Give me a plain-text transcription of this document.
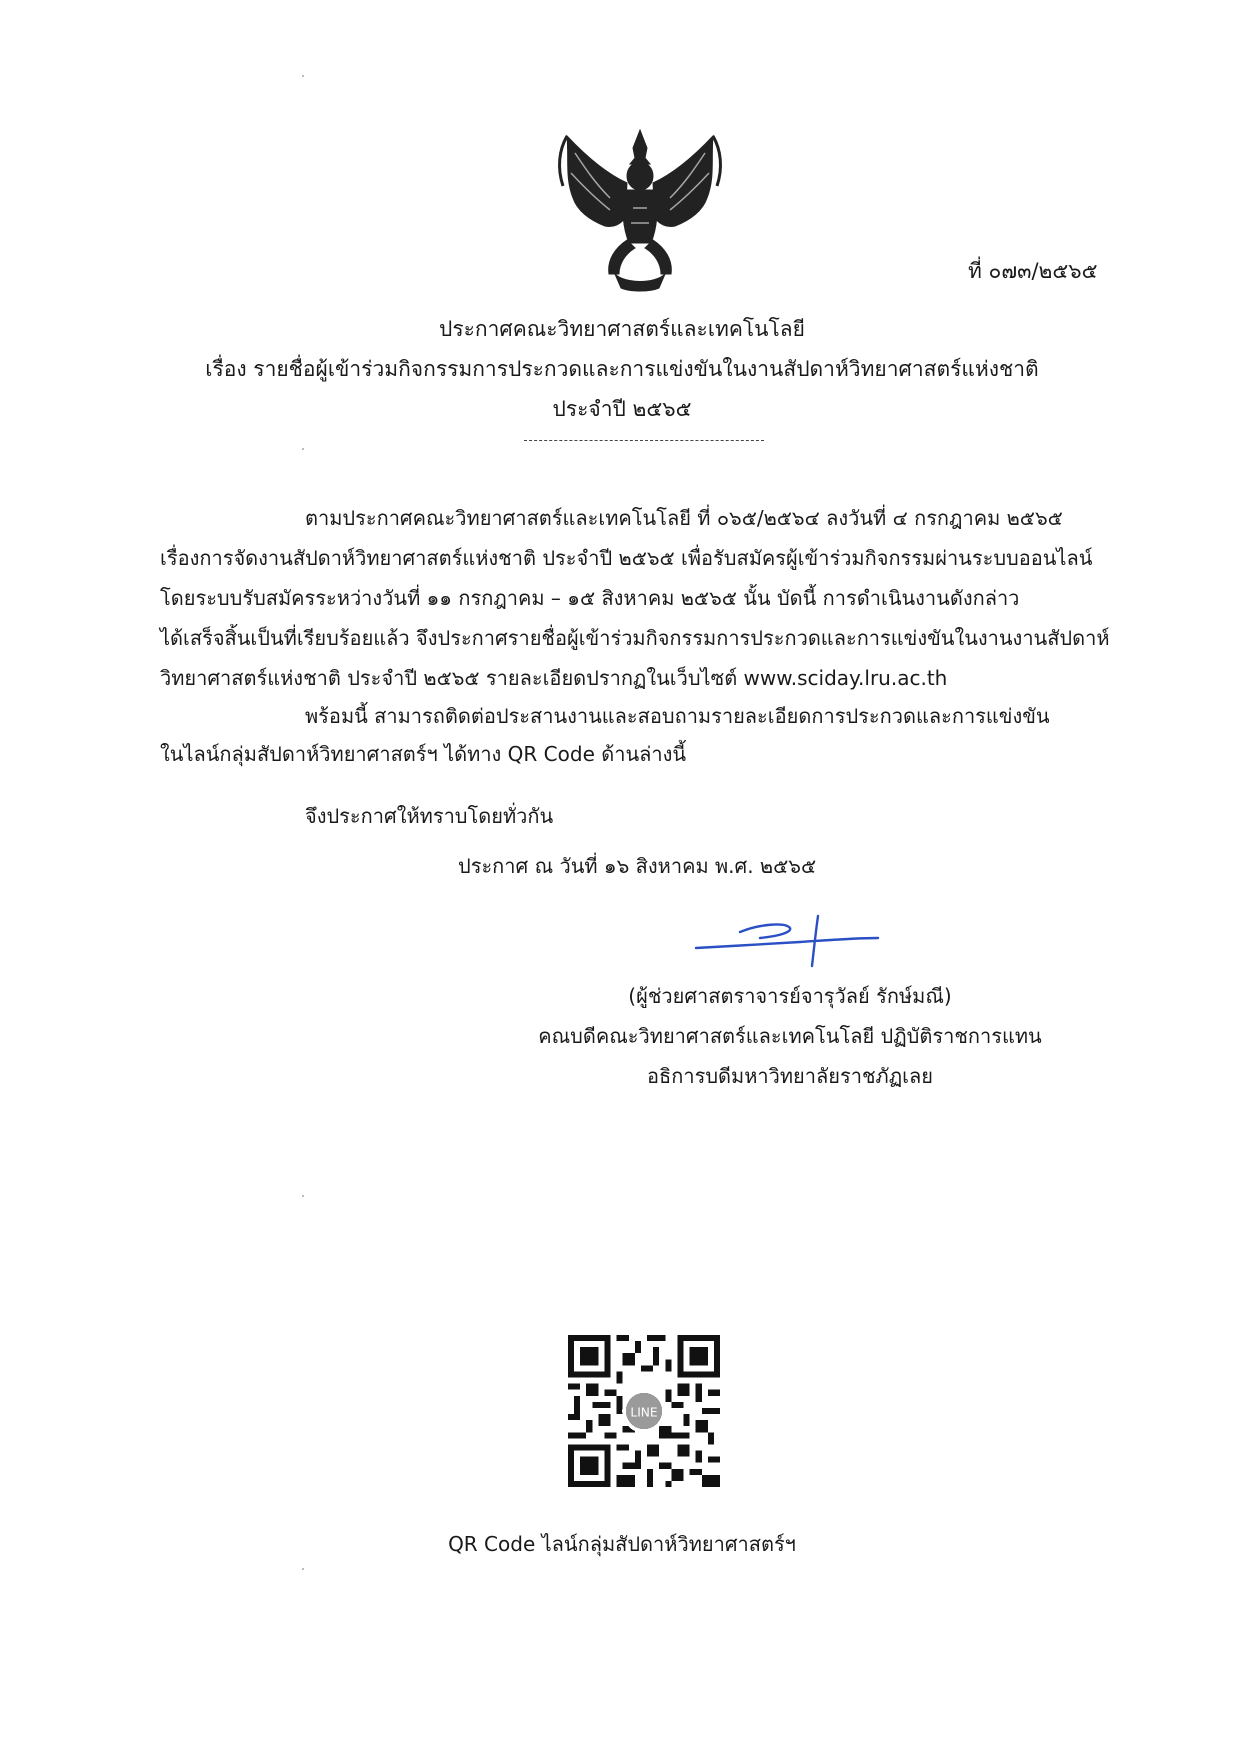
ที่ ๐๗๓/๒๕๖๕
ประกาศคณะวิทยาศาสตร์และเทคโนโลยี
เรื่อง รายชื่อผู้เข้าร่วมกิจกรรมการประกวดและการแข่งขันในงานสัปดาห์วิทยาศาสตร์แห่งชาติ
ประจำปี ๒๕๖๕
ตามประกาศคณะวิทยาศาสตร์และเทคโนโลยี ที่ ๐๖๕/๒๕๖๔ ลงวันที่ ๔ กรกฎาคม ๒๕๖๕
เรื่องการจัดงานสัปดาห์วิทยาศาสตร์แห่งชาติ ประจำปี ๒๕๖๕ เพื่อรับสมัครผู้เข้าร่วมกิจกรรมผ่านระบบออนไลน์
โดยระบบรับสมัครระหว่างวันที่ ๑๑ กรกฎาคม – ๑๕ สิงหาคม ๒๕๖๕ นั้น บัดนี้ การดำเนินงานดังกล่าว
ได้เสร็จสิ้นเป็นที่เรียบร้อยแล้ว จึงประกาศรายชื่อผู้เข้าร่วมกิจกรรมการประกวดและการแข่งขันในงานงานสัปดาห์
วิทยาศาสตร์แห่งชาติ ประจำปี ๒๕๖๕ รายละเอียดปรากฏในเว็บไซต์ www.sciday.lru.ac.th
พร้อมนี้ สามารถติดต่อประสานงานและสอบถามรายละเอียดการประกวดและการแข่งขัน
ในไลน์กลุ่มสัปดาห์วิทยาศาสตร์ฯ ได้ทาง QR Code ด้านล่างนี้
จึงประกาศให้ทราบโดยทั่วกัน
ประกาศ ณ วันที่ ๑๖ สิงหาคม พ.ศ. ๒๕๖๕
(ผู้ช่วยศาสตราจารย์จารุวัลย์ รักษ์มณี)
คณบดีคณะวิทยาศาสตร์และเทคโนโลยี ปฏิบัติราชการแทน
อธิการบดีมหาวิทยาลัยราชภัฏเลย
LINE
QR Code ไลน์กลุ่มสัปดาห์วิทยาศาสตร์ฯ
